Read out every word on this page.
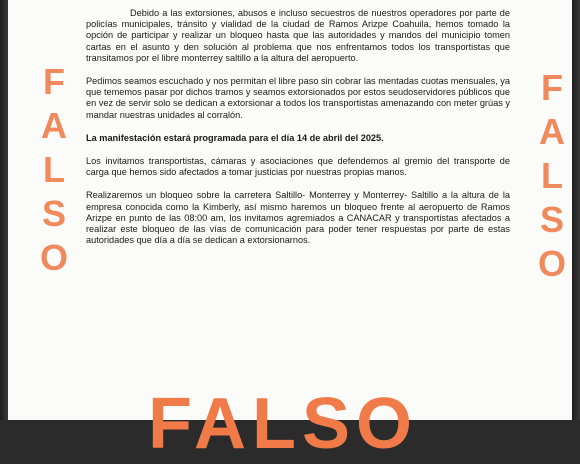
Debido a las extorsiones, abusos e incluso secuestros de nuestros operadores por parte de policías municipales, tránsito y vialidad de la ciudad de Ramos Arizpe Coahuila, hemos tomado la opción de participar y realizar un bloqueo hasta que las autoridades y mandos del municipio tomen cartas en el asunto y den solución al problema que nos enfrentamos todos los transportistas que transitamos por el libre monterrey saltillo a la altura del aeropuerto.

Pedimos seamos escuchado y nos permitan el libre paso sin cobrar las mentadas cuotas mensuales, ya que tememos pasar por dichos tramos y seamos extorsionados por estos seudoservidores públicos que en vez de servir solo se dedican a extorsionar a todos los transportistas amenazando con meter grúas y mandar nuestras unidades al corralón.

La manifestación estará programada para el día 14 de abril del 2025.

Los invitamos transportistas, cámaras y asociaciones que defendemos al gremio del transporte de carga que hemos sido afectados a tomar justicias por nuestras propias manos.

Realizaremos un bloqueo sobre la carretera Saltillo- Monterrey y Monterrey- Saltillo a la altura de la empresa conocida como la Kimberly, así mismo haremos un bloqueo frente al aeropuerto de Ramos Arizpe en punto de las 08:00 am, los invitamos agremiados a CANACAR y transportistas afectados a realizar este bloqueo de las vías de comunicación para poder tener respuestas por parte de estas autoridades que día a día se dedican a extorsionarnos.

F
A
L
S
O
F
A
L
S
O
FALSO
